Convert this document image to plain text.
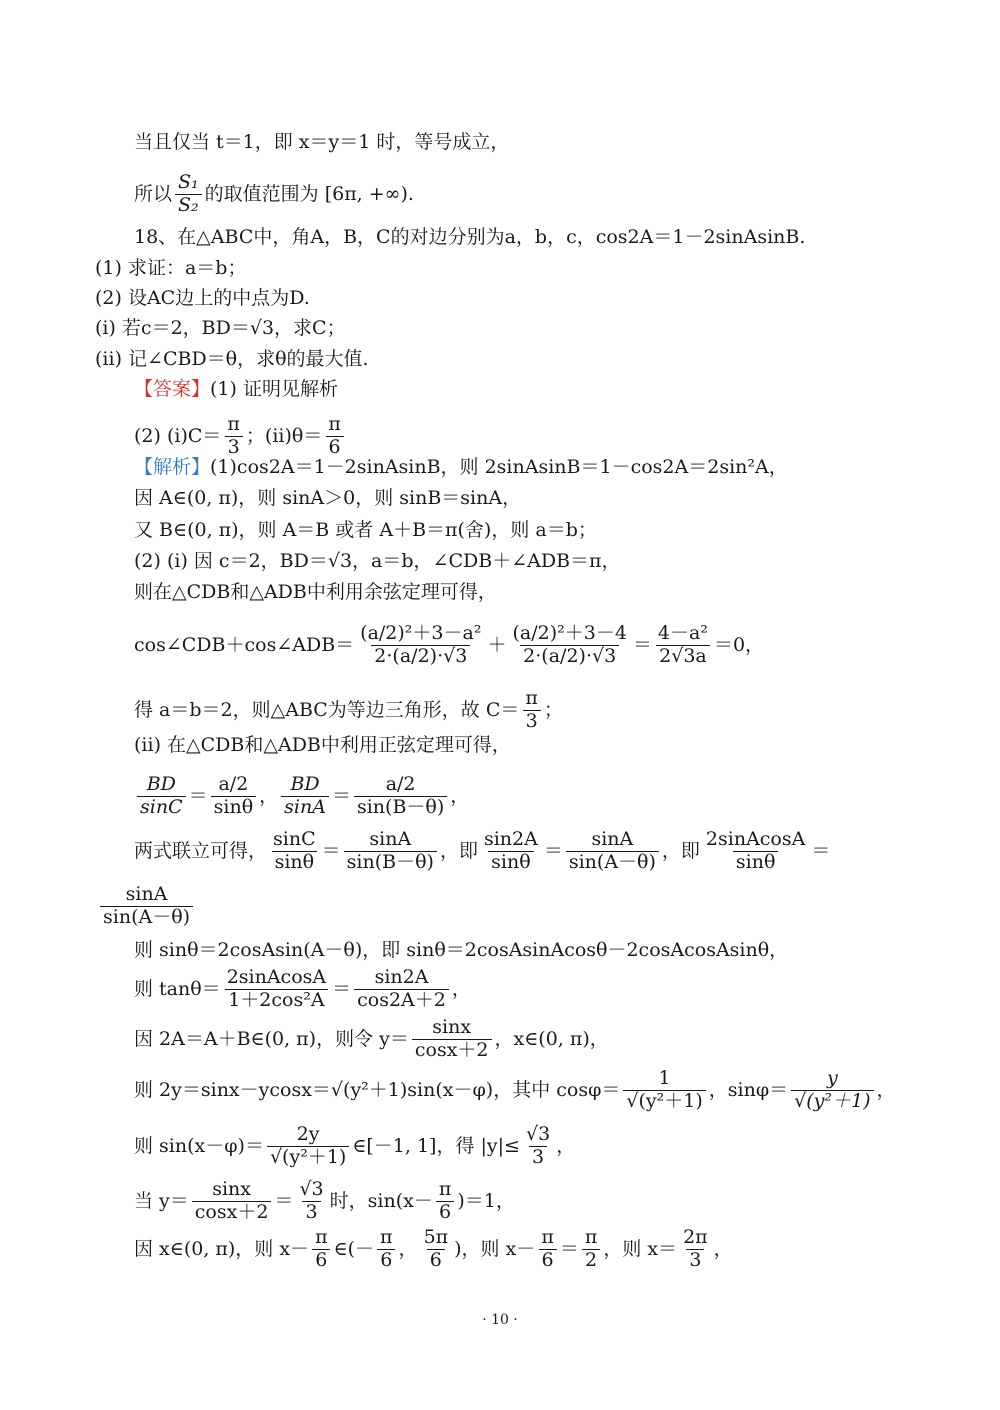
当且仅当 t＝1，即 x＝y＝1 时，等号成立，
所以 $\frac{\text{S₁}}{\text{S₂}}$ 的取值范围为 [6π, +∞).
18、在△ABC中，角A，B，C的对边分别为a，b，c，cos2A＝1－2sinAsinB.
(1) 求证：a＝b；
(2) 设AC边上的中点为D.
(i) 若c＝2，BD＝√3，求C；
(ii) 记∠CBD＝θ，求θ的最大值.
【答案】 (1) 证明见解析
(2) $(i)C= \frac{\pi}{3}$ ；$(ii)\theta= \frac{\pi}{6}$
【解析】 (1)cos2A＝1－2sinAsinB，则 2sinAsinB＝1－cos2A＝2sin²A，
因 A∈(0, π)，则 sinA＞0，则 sinB＝sinA，
又 B∈(0, π)，则 A＝B 或者 A＋B＝π(舍)，则 a＝b；
(2) (i) 因 c＝2，BD＝√3，a＝b，∠CDB＋∠ADB＝π，
则在△CDB和△ADB中利用余弦定理可得，
cos∠CDB＋cos∠ADB＝ $\frac{\text{(a/2)²＋3－a²}}{2\cdot(a/2)\cdot√3} + \frac{\text{(a/2)²＋3－4}}{2\cdot(a/2)\cdot√3} = \frac{\text{4－a²}}{2√3a} =0$，
得 a＝b＝2，则△ABC为等边三角形，故 $C= \frac{\pi}{3}$ ；
(ii) 在△CDB和△ADB中利用正弦定理可得，
$\frac{BD}{\sin C} = \frac{a/2}{\sin\theta}$ ， $\frac{BD}{\sin A} = \frac{a/2}{\sin(B-\theta)}$ ，
两式联立可得， $\frac{\sin C}{\sin\theta} = \frac{\sin A}{\sin(B-\theta)}$ ，即 $\frac{\sin 2A}{\sin\theta} = \frac{\sin A}{\sin(A-\theta)}$ ，即 $\frac{\text{2sinAcosA}}{\sin\theta}$ ＝
$\frac{\sin A}{\sin(A-\theta)}$
则 sinθ＝2cosAsin(A－θ)，即 sinθ＝2cosAsinAcosθ－2cosAcosAsinθ，
则 $\tan\theta= \frac{\text{2sinAcosA}}{\text{1＋2cos²A}} = \frac{\sin 2A}{\cos 2A+2}$ ，
因 2A＝A＋B∈(0, π)，则令 $y= \frac{\sin x}{\cos x+2}$ ，x∈(0, π)，
则 2y＝sinx－ycosx＝√(y²＋1)sin(x－φ)，其中 $\cos\varphi= \frac{1}{\text{√(y²＋1)}}$ ，$\sin\varphi= \frac{y}{\text{√(y²＋1)}}$ ，
则 $\sin(x-\varphi)= \frac{2y}{\text{√(y²＋1)}}$ ∈[－1, 1]，得 $|y|\le \frac{√3}{3}$ ，
当 $y= \frac{\sin x}{\cos x+2} = \frac{√3}{3}$ 时，$\sin(x- \frac{\pi}{6} )=1$，
因 x∈(0, π)，则 $x- \frac{\pi}{6}$ ∈(－ $\frac{\pi}{6}$ ， $\frac{5\pi}{6}$ )，则 $x- \frac{\pi}{6} = \frac{\pi}{2}$ ，则 $x= \frac{2\pi}{3}$ ，
· 10 ·
